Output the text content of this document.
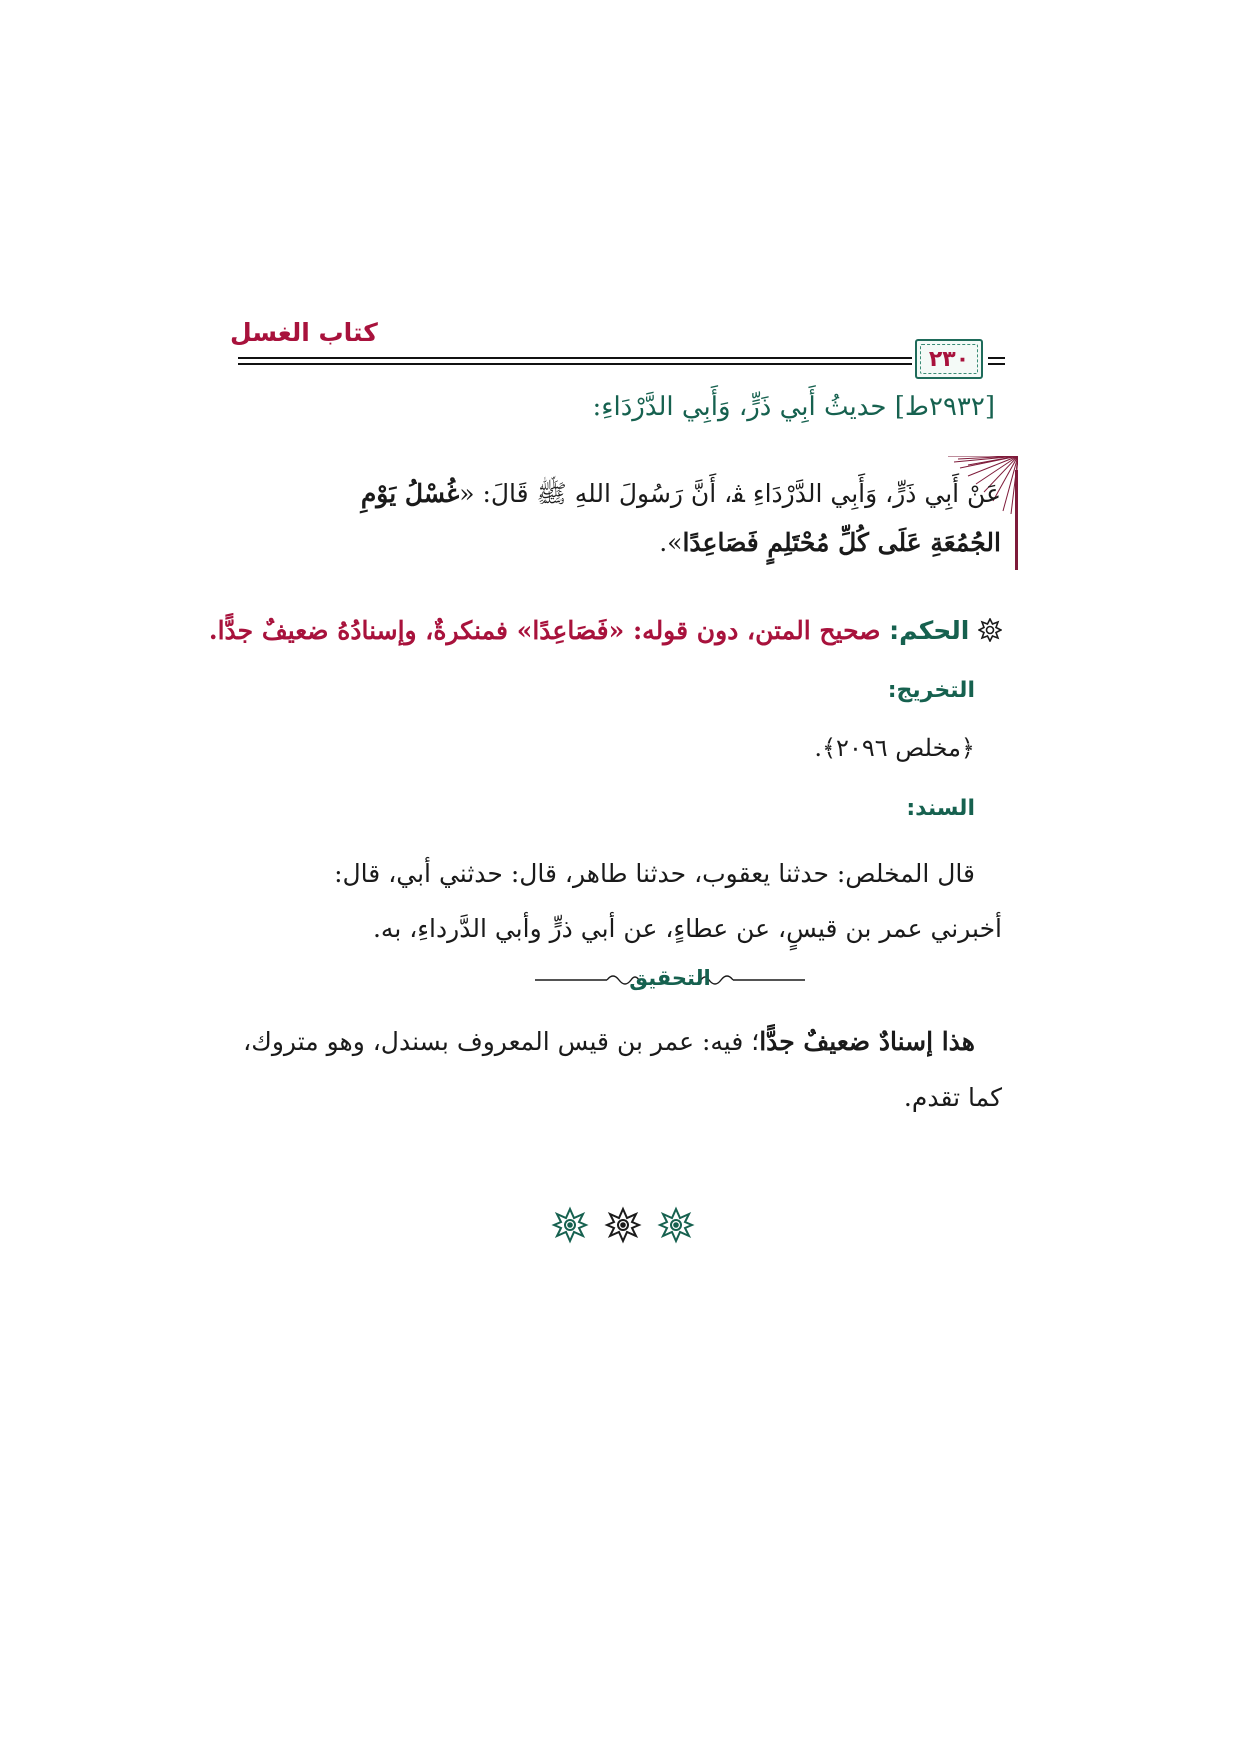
كتاب الغسل
٢٣٠
[٢٩٣٢ط] حديثُ أَبِي ذَرٍّ، وَأَبِي الدَّرْدَاءِ:
عَنْ أَبِي ذَرٍّ، وَأَبِي الدَّرْدَاءِ ﭭ، أَنَّ رَسُولَ اللهِ ﷺ قَالَ: «غُسْلُ يَوْمِ
الجُمُعَةِ عَلَى كُلِّ مُحْتَلِمٍ فَصَاعِدًا».
الحكم: صحيح المتن، دون قوله: «فَصَاعِدًا» فمنكرةٌ، وإسنادُهُ ضعيفٌ جدًّا.
التخريج:
﴿مخلص ٢٠٩٦﴾.
السند:
قال المخلص: حدثنا يعقوب، حدثنا طاهر، قال: حدثني أبي، قال:
أخبرني عمر بن قيسٍ، عن عطاءٍ، عن أبي ذرٍّ وأبي الدَّرداءِ، به.
التحقيق
هذا إسنادٌ ضعيفٌ جدًّا؛ فيه: عمر بن قيس المعروف بسندل، وهو متروك،
كما تقدم.
